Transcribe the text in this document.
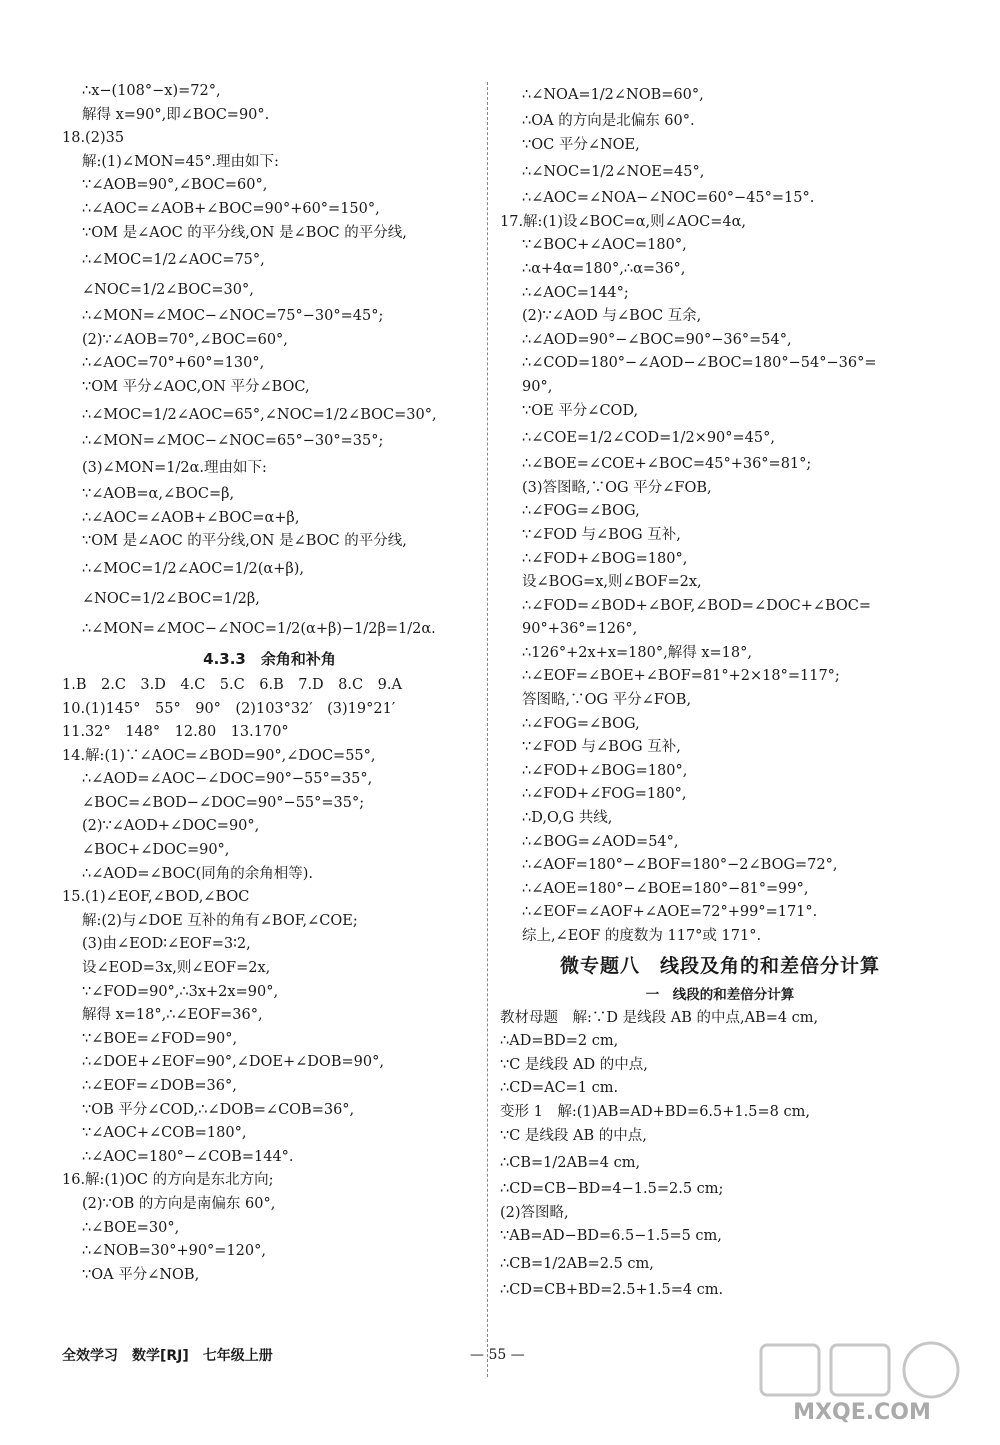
∴x−(108°−x)=72°,
解得 x=90°,即∠BOC=90°.
18.(2)35
解:(1)∠MON=45°.理由如下:
∵∠AOB=90°,∠BOC=60°,
∴∠AOC=∠AOB+∠BOC=90°+60°=150°,
∵OM 是∠AOC 的平分线,ON 是∠BOC 的平分线,
∴∠MOC=1/2∠AOC=75°,
∠NOC=1/2∠BOC=30°,
∴∠MON=∠MOC−∠NOC=75°−30°=45°;
(2)∵∠AOB=70°,∠BOC=60°,
∴∠AOC=70°+60°=130°,
∵OM 平分∠AOC,ON 平分∠BOC,
∴∠MOC=1/2∠AOC=65°,∠NOC=1/2∠BOC=30°,
∴∠MON=∠MOC−∠NOC=65°−30°=35°;
(3)∠MON=1/2α.理由如下:
∵∠AOB=α,∠BOC=β,
∴∠AOC=∠AOB+∠BOC=α+β,
∵OM 是∠AOC 的平分线,ON 是∠BOC 的平分线,
∴∠MOC=1/2∠AOC=1/2(α+β),
∠NOC=1/2∠BOC=1/2β,
∴∠MON=∠MOC−∠NOC=1/2(α+β)−1/2β=1/2α.
4.3.3　余角和补角
1.B　2.C　3.D　4.C　5.C　6.B　7.D　8.C　9.A
10.(1)145°　55°　90°　(2)103°32′　(3)19°21′
11.32°　148°　12.80　13.170°
14.解:(1)∵∠AOC=∠BOD=90°,∠DOC=55°,
∴∠AOD=∠AOC−∠DOC=90°−55°=35°,
∠BOC=∠BOD−∠DOC=90°−55°=35°;
(2)∵∠AOD+∠DOC=90°,
∠BOC+∠DOC=90°,
∴∠AOD=∠BOC(同角的余角相等).
15.(1)∠EOF,∠BOD,∠BOC
解:(2)与∠DOE 互补的角有∠BOF,∠COE;
(3)由∠EOD∶∠EOF=3∶2,
设∠EOD=3x,则∠EOF=2x,
∵∠FOD=90°,∴3x+2x=90°,
解得 x=18°,∴∠EOF=36°,
∵∠BOE=∠FOD=90°,
∴∠DOE+∠EOF=90°,∠DOE+∠DOB=90°,
∴∠EOF=∠DOB=36°,
∵OB 平分∠COD,∴∠DOB=∠COB=36°,
∵∠AOC+∠COB=180°,
∴∠AOC=180°−∠COB=144°.
16.解:(1)OC 的方向是东北方向;
(2)∵OB 的方向是南偏东 60°,
∴∠BOE=30°,
∴∠NOB=30°+90°=120°,
∵OA 平分∠NOB,
∴∠NOA=1/2∠NOB=60°,
∴OA 的方向是北偏东 60°.
∵OC 平分∠NOE,
∴∠NOC=1/2∠NOE=45°,
∴∠AOC=∠NOA−∠NOC=60°−45°=15°.
17.解:(1)设∠BOC=α,则∠AOC=4α,
∵∠BOC+∠AOC=180°,
∴α+4α=180°,∴α=36°,
∴∠AOC=144°;
(2)∵∠AOD 与∠BOC 互余,
∴∠AOD=90°−∠BOC=90°−36°=54°,
∴∠COD=180°−∠AOD−∠BOC=180°−54°−36°=
90°,
∵OE 平分∠COD,
∴∠COE=1/2∠COD=1/2×90°=45°,
∴∠BOE=∠COE+∠BOC=45°+36°=81°;
(3)答图略,∵OG 平分∠FOB,
∴∠FOG=∠BOG,
∵∠FOD 与∠BOG 互补,
∴∠FOD+∠BOG=180°,
设∠BOG=x,则∠BOF=2x,
∴∠FOD=∠BOD+∠BOF,∠BOD=∠DOC+∠BOC=
90°+36°=126°,
∴126°+2x+x=180°,解得 x=18°,
∴∠EOF=∠BOE+∠BOF=81°+2×18°=117°;
答图略,∵OG 平分∠FOB,
∴∠FOG=∠BOG,
∵∠FOD 与∠BOG 互补,
∴∠FOD+∠BOG=180°,
∴∠FOD+∠FOG=180°,
∴D,O,G 共线,
∴∠BOG=∠AOD=54°,
∴∠AOF=180°−∠BOF=180°−2∠BOG=72°,
∴∠AOE=180°−∠BOE=180°−81°=99°,
∴∠EOF=∠AOF+∠AOE=72°+99°=171°.
综上,∠EOF 的度数为 117°或 171°.
微专题八　线段及角的和差倍分计算
一　线段的和差倍分计算
教材母题　解:∵D 是线段 AB 的中点,AB=4 cm,
∴AD=BD=2 cm,
∵C 是线段 AD 的中点,
∴CD=AC=1 cm.
变形 1　解:(1)AB=AD+BD=6.5+1.5=8 cm,
∵C 是线段 AB 的中点,
∴CB=1/2AB=4 cm,
∴CD=CB−BD=4−1.5=2.5 cm;
(2)答图略,
∵AB=AD−BD=6.5−1.5=5 cm,
∴CB=1/2AB=2.5 cm,
∴CD=CB+BD=2.5+1.5=4 cm.
全效学习　数学[RJ]　七年级上册	— 55 —
MXQE.COM
